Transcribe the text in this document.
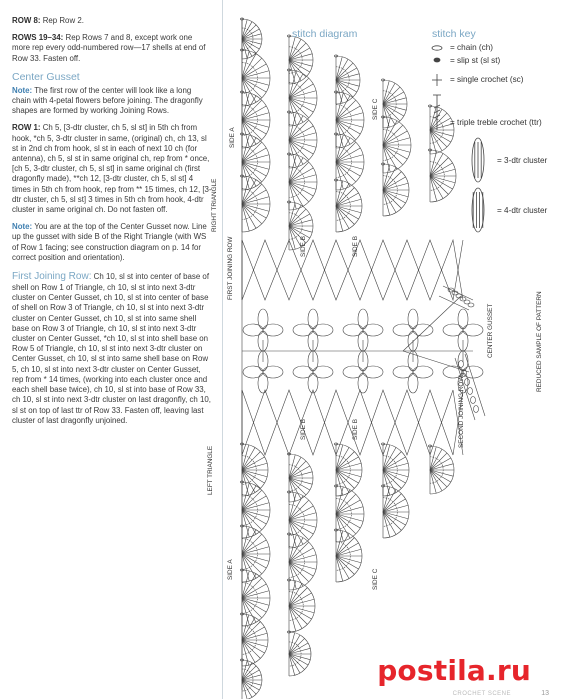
ROW 8: Rep Row 2.

ROWS 19–34: Rep Rows 7 and 8, except work one more rep every odd-numbered row—17 shells at end of Row 33. Fasten off.

Center Gusset

Note: The first row of the center will look like a long chain with 4-petal flowers before joining. The dragonfly shapes are formed by working Joining Rows.

ROW 1: Ch 5, [3-dtr cluster, ch 5, sl st] in 5th ch from hook, *ch 5, 3-dtr cluster in same, (original) ch, ch 13, sl st in 2nd ch from hook, sl st in each of next 10 ch (for antenna), ch 5, sl st in same original ch, rep from * once, [ch 5, 3-dtr cluster, ch 5, sl st] in same original ch (first dragonfly made), **ch 12, [3-dtr cluster, ch 5, sl st] 4 times in 5th ch from hook, rep from ** 15 times, ch 12, [3-dtr cluster, ch 5, sl st] 3 times in 5th ch from hook, 4-dtr cluster in same original ch. Do not fasten off.

Note: You are at the top of the Center Gusset now. Line up the gusset with side B of the Right Triangle (with WS of Row 1 facing; see construction diagram on p. 14 for correct position and orientation).

First Joining Row: Ch 10, sl st into center of base of shell on Row 1 of Triangle, ch 10, sl st into next 3-dtr cluster on Center Gusset, ch 10, sl st into center of base of shell on Row 3 of Triangle, ch 10, sl st into next 3-dtr cluster on Center Gusset, ch 10, sl st into same shell base on Row 3 of Triangle, ch 10, sl st into next 3-dtr cluster on Center Gusset, *ch 10, sl st into shell base on Row 5 of Triangle, ch 10, sl st into next 3-dtr cluster on Center Gusset, ch 10, sl st into same shell base on Row 5, ch 10, sl st into next 3-dtr cluster on Center Gusset, rep from * 14 times, (working into each cluster once and each shell base twice), ch 10, sl st into base of Row 33, ch 10, sl st into next 3-dtr cluster on last dragonfly, ch 10, sl st on top of last ttr of Row 33. Fasten off, leaving last cluster of last dragonfly unjoined.

stitch diagram	stitch key
= chain (ch)
= slip st (sl st)
= single crochet (sc)
= triple treble crochet (ttr)
= 3-dtr cluster
= 4-dtr cluster
SIDE A
SIDE C
RIGHT TRIANGLE
SIDE B	SIDE B
FIRST JOINING ROW
CENTER GUSSET
SECOND JOINING ROW
SIDE B	SIDE B
LEFT TRIANGLE
SIDE A	SIDE C
REDUCED SAMPLE OF PATTERN
CROCHET SCENE
postila.ru
13
